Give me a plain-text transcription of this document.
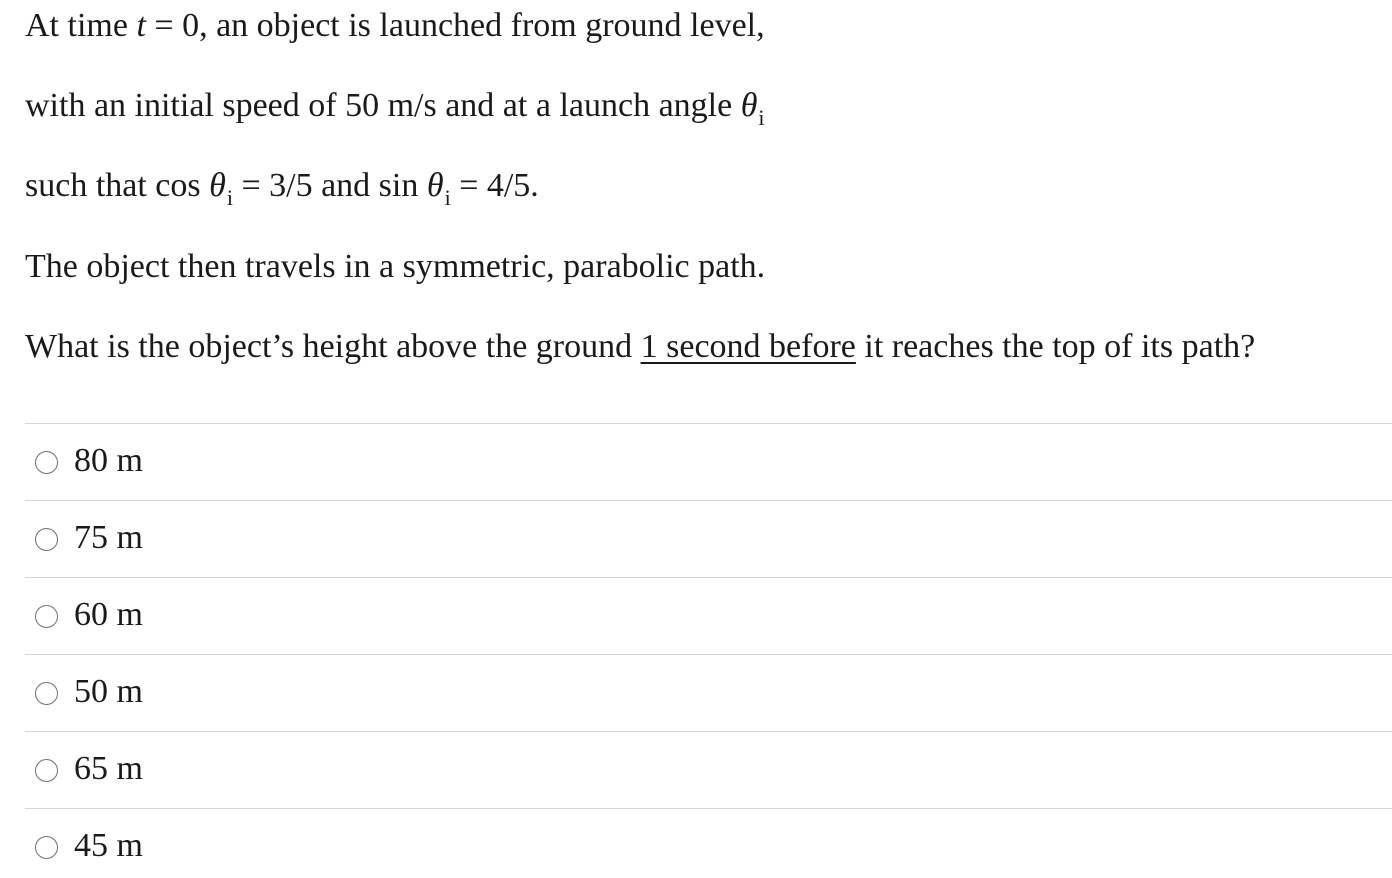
At time t = 0, an object is launched from ground level,

with an initial speed of 50 m/s and at a launch angle $\theta_i$

such that $\cos \theta_i = 3/5$ and $\sin \theta_i = 4/5$.

The object then travels in a symmetric, parabolic path.

What is the object’s height above the ground 1 second before it reaches the top of its path?

80 m
75 m
60 m
50 m
65 m
45 m
